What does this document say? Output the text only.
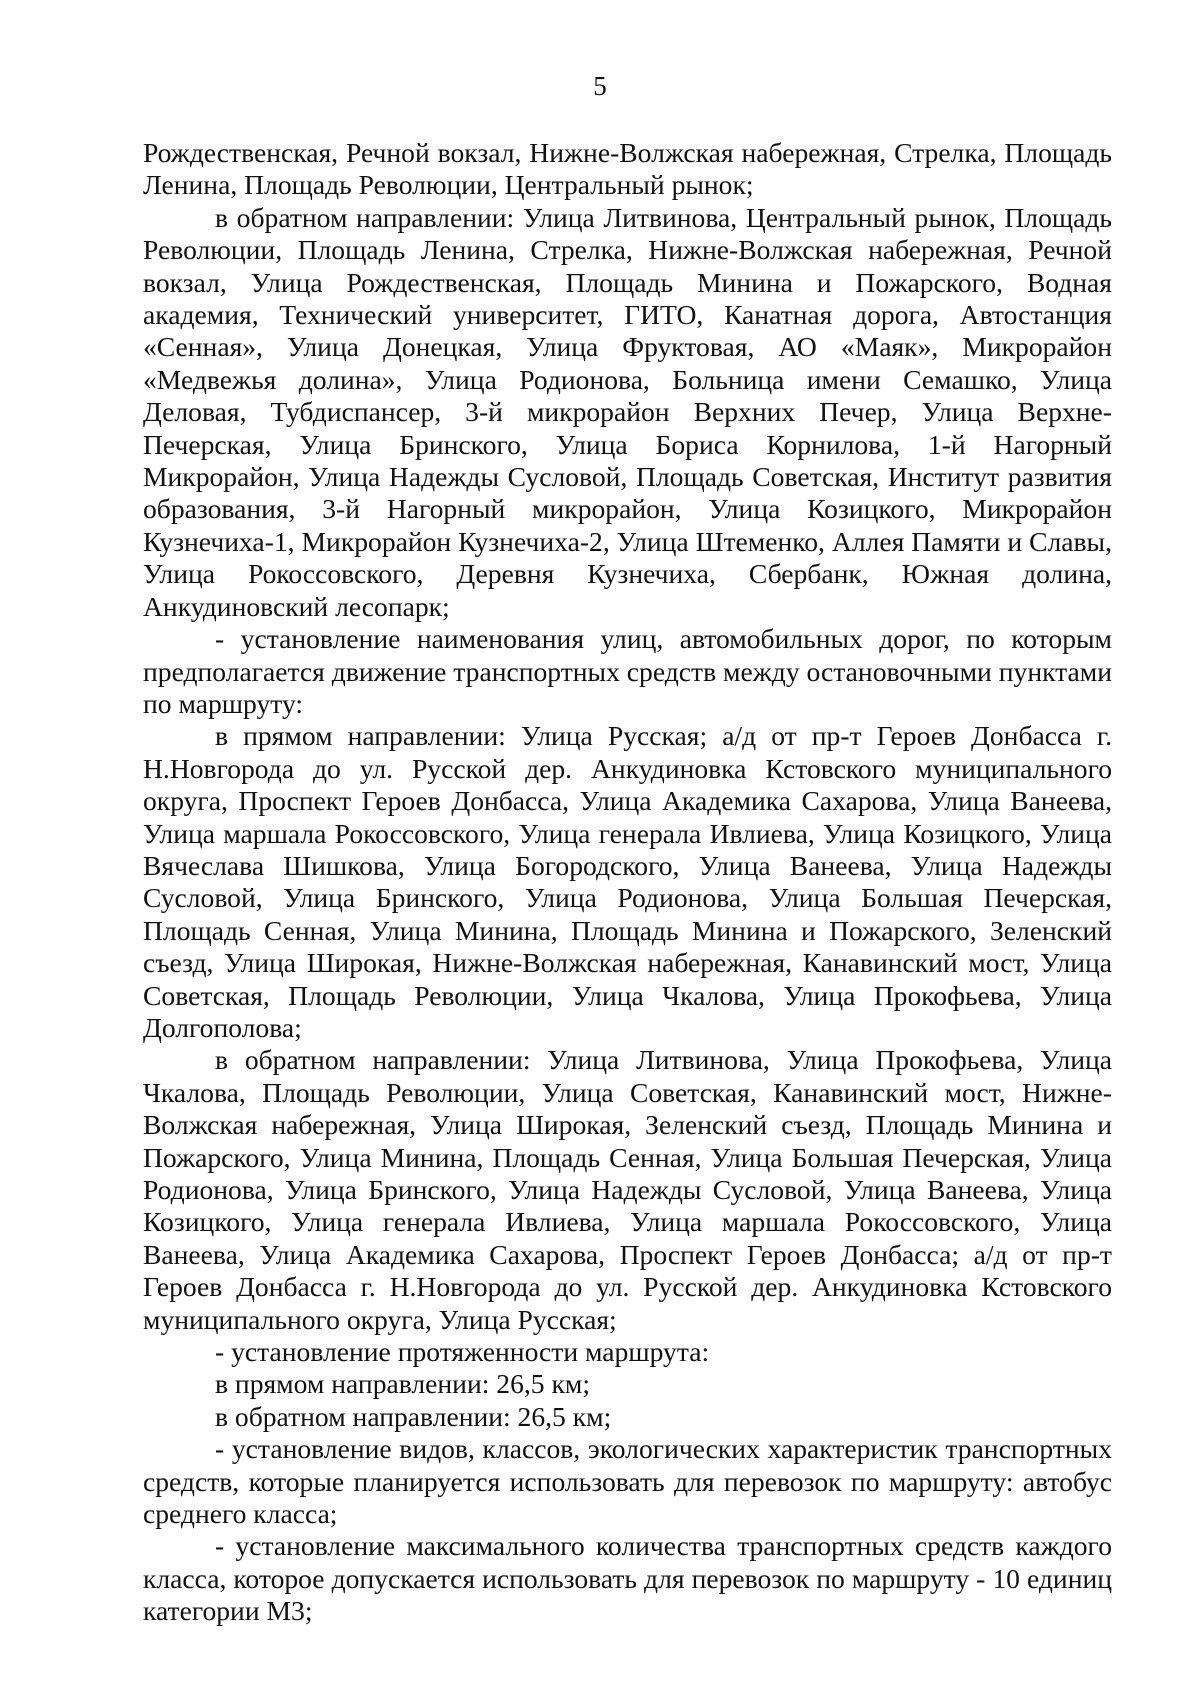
5

Рождественская, Речной вокзал, Нижне-Волжская набережная, Стрелка, Площадь Ленина, Площадь Революции, Центральный рынок;

в обратном направлении: Улица Литвинова, Центральный рынок, Площадь Революции, Площадь Ленина, Стрелка, Нижне-Волжская набережная, Речной вокзал, Улица Рождественская, Площадь Минина и Пожарского, Водная академия, Технический университет, ГИТО, Канатная дорога, Автостанция «Сенная», Улица Донецкая, Улица Фруктовая, АО «Маяк», Микрорайон «Медвежья долина», Улица Родионова, Больница имени Семашко, Улица Деловая, Тубдиспансер, 3-й микрорайон Верхних Печер, Улица Верхне-Печерская, Улица Бринского, Улица Бориса Корнилова, 1-й Нагорный Микрорайон, Улица Надежды Сусловой, Площадь Советская, Институт развития образования, 3-й Нагорный микрорайон, Улица Козицкого, Микрорайон Кузнечиха-1, Микрорайон Кузнечиха-2, Улица Штеменко, Аллея Памяти и Славы, Улица Рокоссовского, Деревня Кузнечиха, Сбербанк, Южная долина, Анкудиновский лесопарк;

- установление наименования улиц, автомобильных дорог, по которым предполагается движение транспортных средств между остановочными пунктами по маршруту:

в прямом направлении: Улица Русская; а/д от пр-т Героев Донбасса г. Н.Новгорода до ул. Русской дер. Анкудиновка Кстовского муниципального округа, Проспект Героев Донбасса, Улица Академика Сахарова, Улица Ванеева, Улица маршала Рокоссовского, Улица генерала Ивлиева, Улица Козицкого, Улица Вячеслава Шишкова, Улица Богородского, Улица Ванеева, Улица Надежды Сусловой, Улица Бринского, Улица Родионова, Улица Большая Печерская, Площадь Сенная, Улица Минина, Площадь Минина и Пожарского, Зеленский съезд, Улица Широкая, Нижне-Волжская набережная, Канавинский мост, Улица Советская, Площадь Революции, Улица Чкалова, Улица Прокофьева, Улица Долгополова;

в обратном направлении: Улица Литвинова, Улица Прокофьева, Улица Чкалова, Площадь Революции, Улица Советская, Канавинский мост, Нижне-Волжская набережная, Улица Широкая, Зеленский съезд, Площадь Минина и Пожарского, Улица Минина, Площадь Сенная, Улица Большая Печерская, Улица Родионова, Улица Бринского, Улица Надежды Сусловой, Улица Ванеева, Улица Козицкого, Улица генерала Ивлиева, Улица маршала Рокоссовского, Улица Ванеева, Улица Академика Сахарова, Проспект Героев Донбасса; а/д от пр-т Героев Донбасса г. Н.Новгорода до ул. Русской дер. Анкудиновка Кстовского муниципального округа, Улица Русская;

- установление протяженности маршрута:

в прямом направлении: 26,5 км;

в обратном направлении: 26,5 км;

- установление видов, классов, экологических характеристик транспортных средств, которые планируется использовать для перевозок по маршруту: автобус среднего класса;

- установление максимального количества транспортных средств каждого класса, которое допускается использовать для перевозок по маршруту - 10 единиц категории М3;
